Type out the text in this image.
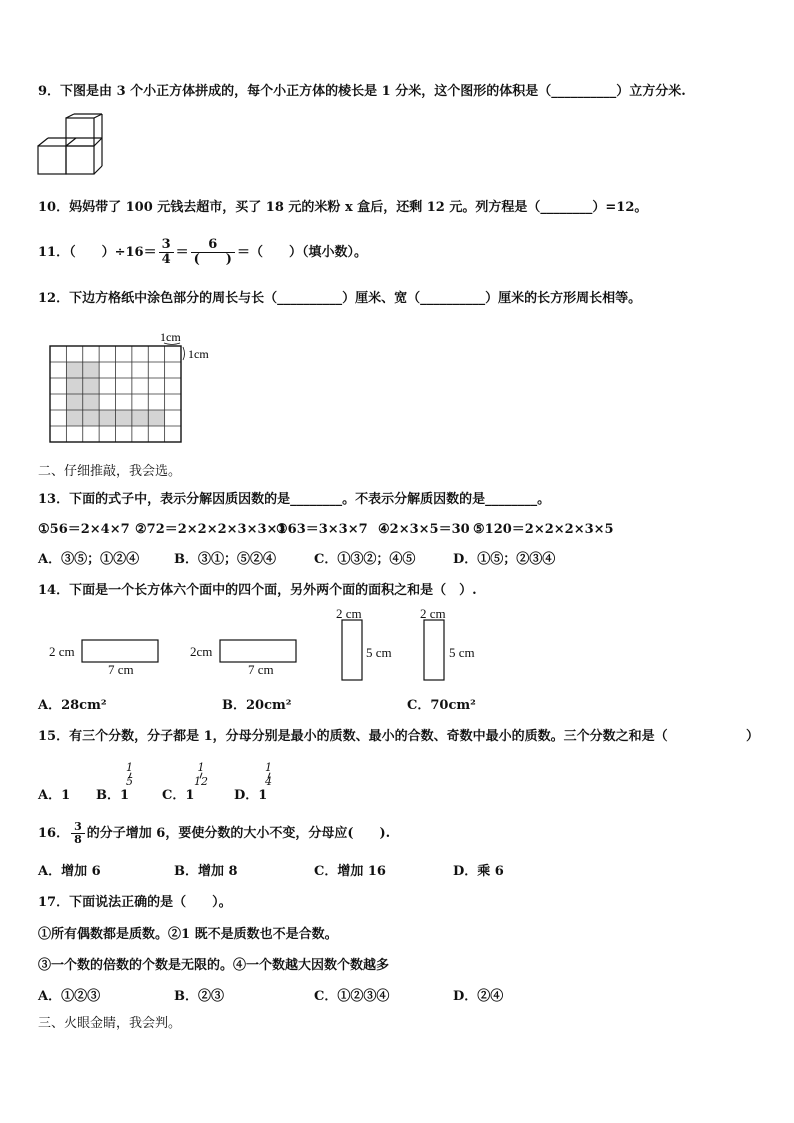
9．下图是由 3 个小正方体拼成的，每个小正方体的棱长是 1 分米，这个图形的体积是（__________）立方分米.
10．妈妈带了 100 元钱去超市，买了 18 元的米粉 x 盒后，还剩 12 元。列方程是（________）=12。
11．（　　）$\div 16= \frac{3}{4} = \frac{6}{( )}$ ＝（　　）（填小数）。
12．下边方格纸中涂色部分的周长与长（__________）厘米、宽（__________）厘米的长方形周长相等。
1cm
1cm
二、仔细推敲，我会选。
13．下面的式子中，表示分解因质因数的是________。不表示分解质因数的是________。
①56＝2×4×7 ②72＝2×2×2×3×3×1
③63＝3×3×7 ④2×3×5＝30 ⑤120＝2×2×2×3×5
A．③⑤；①②④	B．③①；⑤②④	C．①③②；④⑤	D．①⑤；②③④
14．下面是一个长方体六个面中的四个面，另外两个面的面积之和是（　）.
2 cm
7 cm
2cm
7 cm
2 cm
5 cm
2 cm
5 cm
A．28cm²	B．20cm²	C．70cm²
15．有三个分数，分子都是 1，分母分别是最小的质数、最小的合数、奇数中最小的质数。三个分数之和是（	）
A．1 B．1
1
5
C．1
1
12
D．1
1
4
16． $\frac{3}{8}$ 的分子增加 6，要使分数的大小不变，分母应(　　).
A．增加 6	B．增加 8	C．增加 16	D．乘 6
17．下面说法正确的是（　　）。
①所有偶数都是质数。②1 既不是质数也不是合数。
③一个数的倍数的个数是无限的。④一个数越大因数个数越多
A．①②③	B．②③	C．①②③④	D．②④
三、火眼金睛，我会判。
